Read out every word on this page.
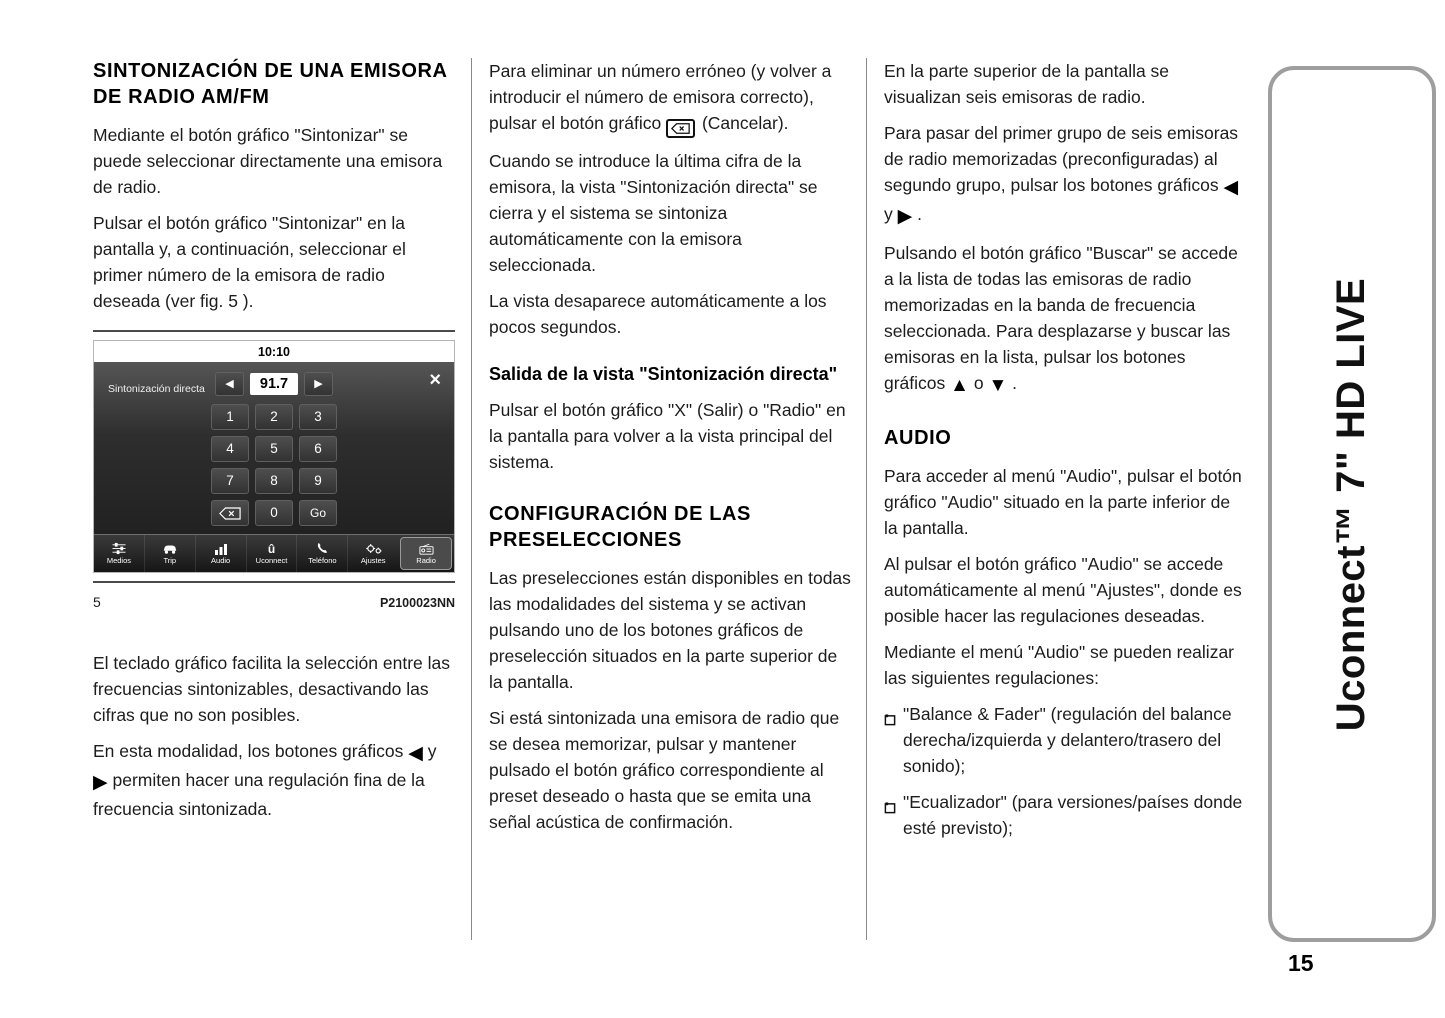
SINTONIZACIÓN DE UNA EMISORA DE RADIO AM/FM

Mediante el botón gráfico "Sintonizar" se puede seleccionar directamente una emisora de radio.

Pulsar el botón gráfico "Sintonizar" en la pantalla y, a continuación, seleccionar el primer número de la emisora de radio deseada (ver fig. 5 ).

10:10
Sintonización directa ◀	91.7	▶	×
1	2	3
4	5	6
7	8	9
0	Go
Medios	Trip	Audio
û
Uconnect	Teléfono	Ajustes	Radio
5	P2100023NN

El teclado gráfico facilita la selección entre las frecuencias sintonizables, desactivando las cifras que no son posibles.

En esta modalidad, los botones gráficos ◀ y ▶ permiten hacer una regulación fina de la frecuencia sintonizada.

Para eliminar un número erróneo (y volver a introducir el número de emisora correcto), pulsar el botón gráfico (Cancelar).

Cuando se introduce la última cifra de la emisora, la vista "Sintonización directa" se cierra y el sistema se sintoniza automáticamente con la emisora seleccionada.

La vista desaparece automáticamente a los pocos segundos.

Salida de la vista "Sintonización directa"

Pulsar el botón gráfico "X" (Salir) o "Radio" en la pantalla para volver a la vista principal del sistema.

CONFIGURACIÓN DE LAS PRESELECCIONES

Las preselecciones están disponibles en todas las modalidades del sistema y se activan pulsando uno de los botones gráficos de preselección situados en la parte superior de la pantalla.

Si está sintonizada una emisora de radio que se desea memorizar, pulsar y mantener pulsado el botón gráfico correspondiente al preset deseado o hasta que se emita una señal acústica de confirmación.

En la parte superior de la pantalla se visualizan seis emisoras de radio.

Para pasar del primer grupo de seis emisoras de radio memorizadas (preconfiguradas) al segundo grupo, pulsar los botones gráficos ◀ y ▶ .

Pulsando el botón gráfico "Buscar" se accede a la lista de todas las emisoras de radio memorizadas en la banda de frecuencia seleccionada. Para desplazarse y buscar las emisoras en la lista, pulsar los botones gráficos ▲ o ▼ .

AUDIO

Para acceder al menú "Audio", pulsar el botón gráfico "Audio" situado en la parte inferior de la pantalla.

Al pulsar el botón gráfico "Audio" se accede automáticamente al menú "Ajustes", donde es posible hacer las regulaciones deseadas.

Mediante el menú "Audio" se pueden realizar las siguientes regulaciones:

"Balance & Fader" (regulación del balance derecha/izquierda y delantero/trasero del sonido);
"Ecualizador" (para versiones/países donde esté previsto);
Uconnect™ 7" HD LIVE
15
